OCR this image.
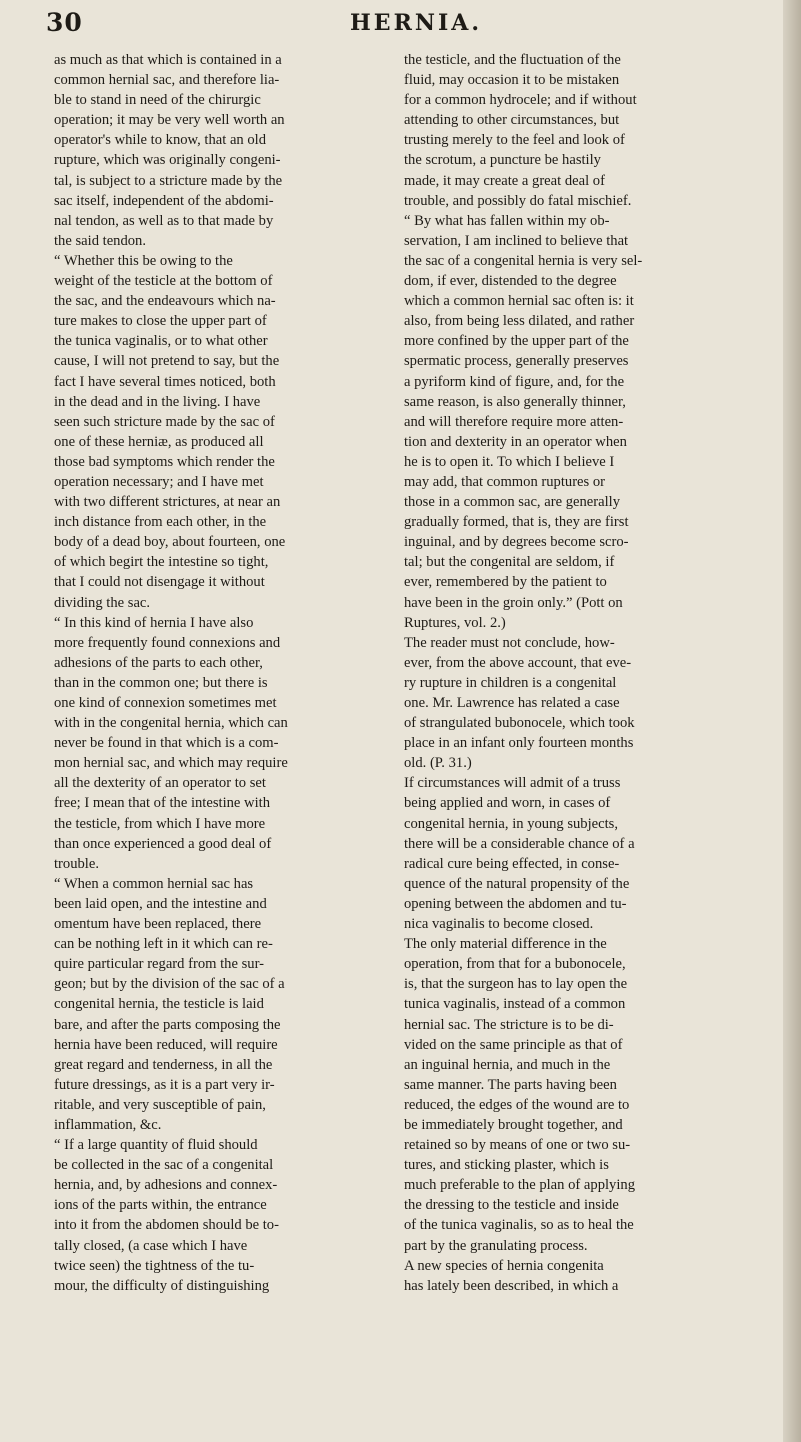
30	HERNIA.
as much as that which is contained in a
common hernial sac, and therefore lia-
ble to stand in need of the chirurgic
operation; it may be very well worth an
operator's while to know, that an old
rupture, which was originally congeni-
tal, is subject to a stricture made by the
sac itself, independent of the abdomi-
nal tendon, as well as to that made by
the said tendon.
“ Whether this be owing to the
weight of the testicle at the bottom of
the sac, and the endeavours which na-
ture makes to close the upper part of
the tunica vaginalis, or to what other
cause, I will not pretend to say, but the
fact I have several times noticed, both
in the dead and in the living. I have
seen such stricture made by the sac of
one of these herniæ, as produced all
those bad symptoms which render the
operation necessary; and I have met
with two different strictures, at near an
inch distance from each other, in the
body of a dead boy, about fourteen, one
of which begirt the intestine so tight,
that I could not disengage it without
dividing the sac.
“ In this kind of hernia I have also
more frequently found connexions and
adhesions of the parts to each other,
than in the common one; but there is
one kind of connexion sometimes met
with in the congenital hernia, which can
never be found in that which is a com-
mon hernial sac, and which may require
all the dexterity of an operator to set
free; I mean that of the intestine with
the testicle, from which I have more
than once experienced a good deal of
trouble.
“ When a common hernial sac has
been laid open, and the intestine and
omentum have been replaced, there
can be nothing left in it which can re-
quire particular regard from the sur-
geon; but by the division of the sac of a
congenital hernia, the testicle is laid
bare, and after the parts composing the
hernia have been reduced, will require
great regard and tenderness, in all the
future dressings, as it is a part very ir-
ritable, and very susceptible of pain,
inflammation, &c.
“ If a large quantity of fluid should
be collected in the sac of a congenital
hernia, and, by adhesions and connex-
ions of the parts within, the entrance
into it from the abdomen should be to-
tally closed, (a case which I have
twice seen) the tightness of the tu-
mour, the difficulty of distinguishing
the testicle, and the fluctuation of the
fluid, may occasion it to be mistaken
for a common hydrocele; and if without
attending to other circumstances, but
trusting merely to the feel and look of
the scrotum, a puncture be hastily
made, it may create a great deal of
trouble, and possibly do fatal mischief.
“ By what has fallen within my ob-
servation, I am inclined to believe that
the sac of a congenital hernia is very sel-
dom, if ever, distended to the degree
which a common hernial sac often is: it
also, from being less dilated, and rather
more confined by the upper part of the
spermatic process, generally preserves
a pyriform kind of figure, and, for the
same reason, is also generally thinner,
and will therefore require more atten-
tion and dexterity in an operator when
he is to open it. To which I believe I
may add, that common ruptures or
those in a common sac, are generally
gradually formed, that is, they are first
inguinal, and by degrees become scro-
tal; but the congenital are seldom, if
ever, remembered by the patient to
have been in the groin only.” (Pott on
Ruptures, vol. 2.)
The reader must not conclude, how-
ever, from the above account, that eve-
ry rupture in children is a congenital
one. Mr. Lawrence has related a case
of strangulated bubonocele, which took
place in an infant only fourteen months
old. (P. 31.)
If circumstances will admit of a truss
being applied and worn, in cases of
congenital hernia, in young subjects,
there will be a considerable chance of a
radical cure being effected, in conse-
quence of the natural propensity of the
opening between the abdomen and tu-
nica vaginalis to become closed.
The only material difference in the
operation, from that for a bubonocele,
is, that the surgeon has to lay open the
tunica vaginalis, instead of a common
hernial sac. The stricture is to be di-
vided on the same principle as that of
an inguinal hernia, and much in the
same manner. The parts having been
reduced, the edges of the wound are to
be immediately brought together, and
retained so by means of one or two su-
tures, and sticking plaster, which is
much preferable to the plan of applying
the dressing to the testicle and inside
of the tunica vaginalis, so as to heal the
part by the granulating process.
A new species of hernia congenita
has lately been described, in which a
